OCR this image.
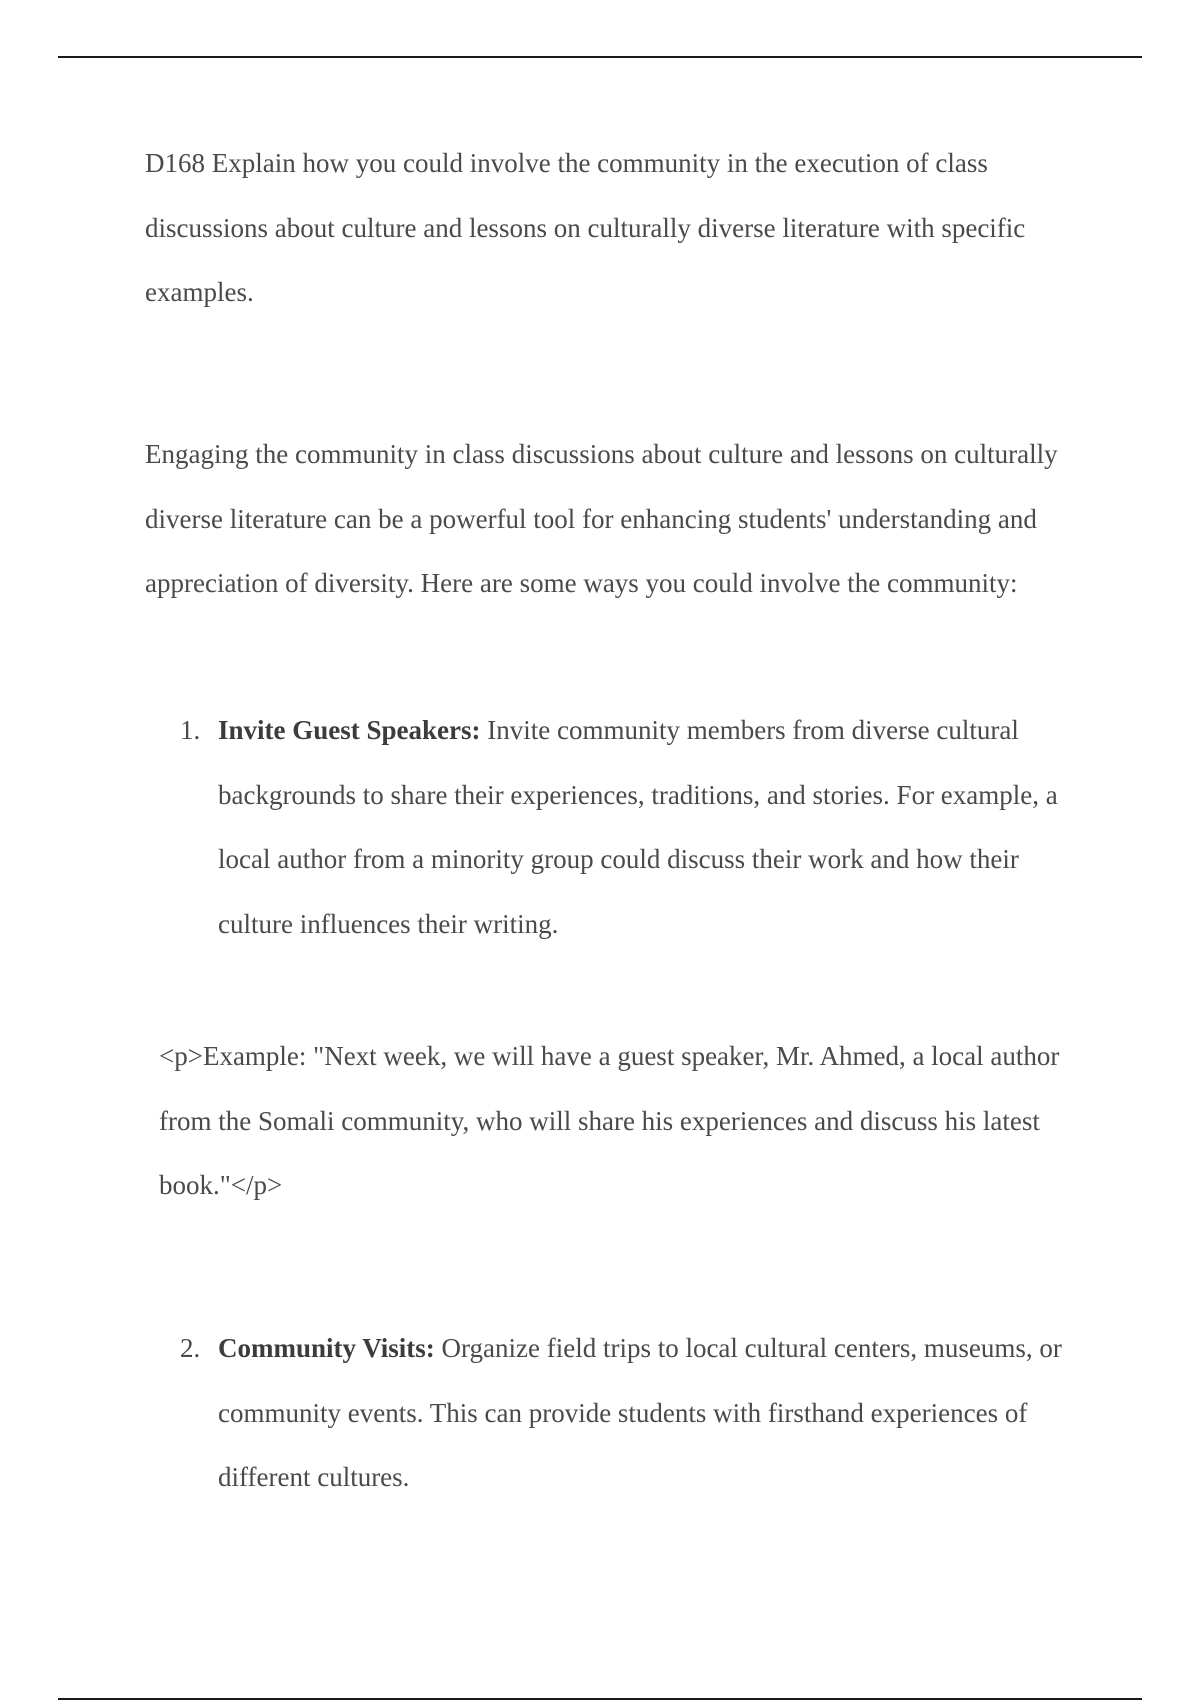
D168 Explain how you could involve the community in the execution of class discussions about culture and lessons on culturally diverse literature with specific examples.

Engaging the community in class discussions about culture and lessons on culturally diverse literature can be a powerful tool for enhancing students' understanding and appreciation of diversity. Here are some ways you could involve the community:

1. Invite Guest Speakers: Invite community members from diverse cultural backgrounds to share their experiences, traditions, and stories. For example, a local author from a minority group could discuss their work and how their culture influences their writing.

<p>Example: "Next week, we will have a guest speaker, Mr. Ahmed, a local author from the Somali community, who will share his experiences and discuss his latest book."</p>

2. Community Visits: Organize field trips to local cultural centers, museums, or community events. This can provide students with firsthand experiences of different cultures.
